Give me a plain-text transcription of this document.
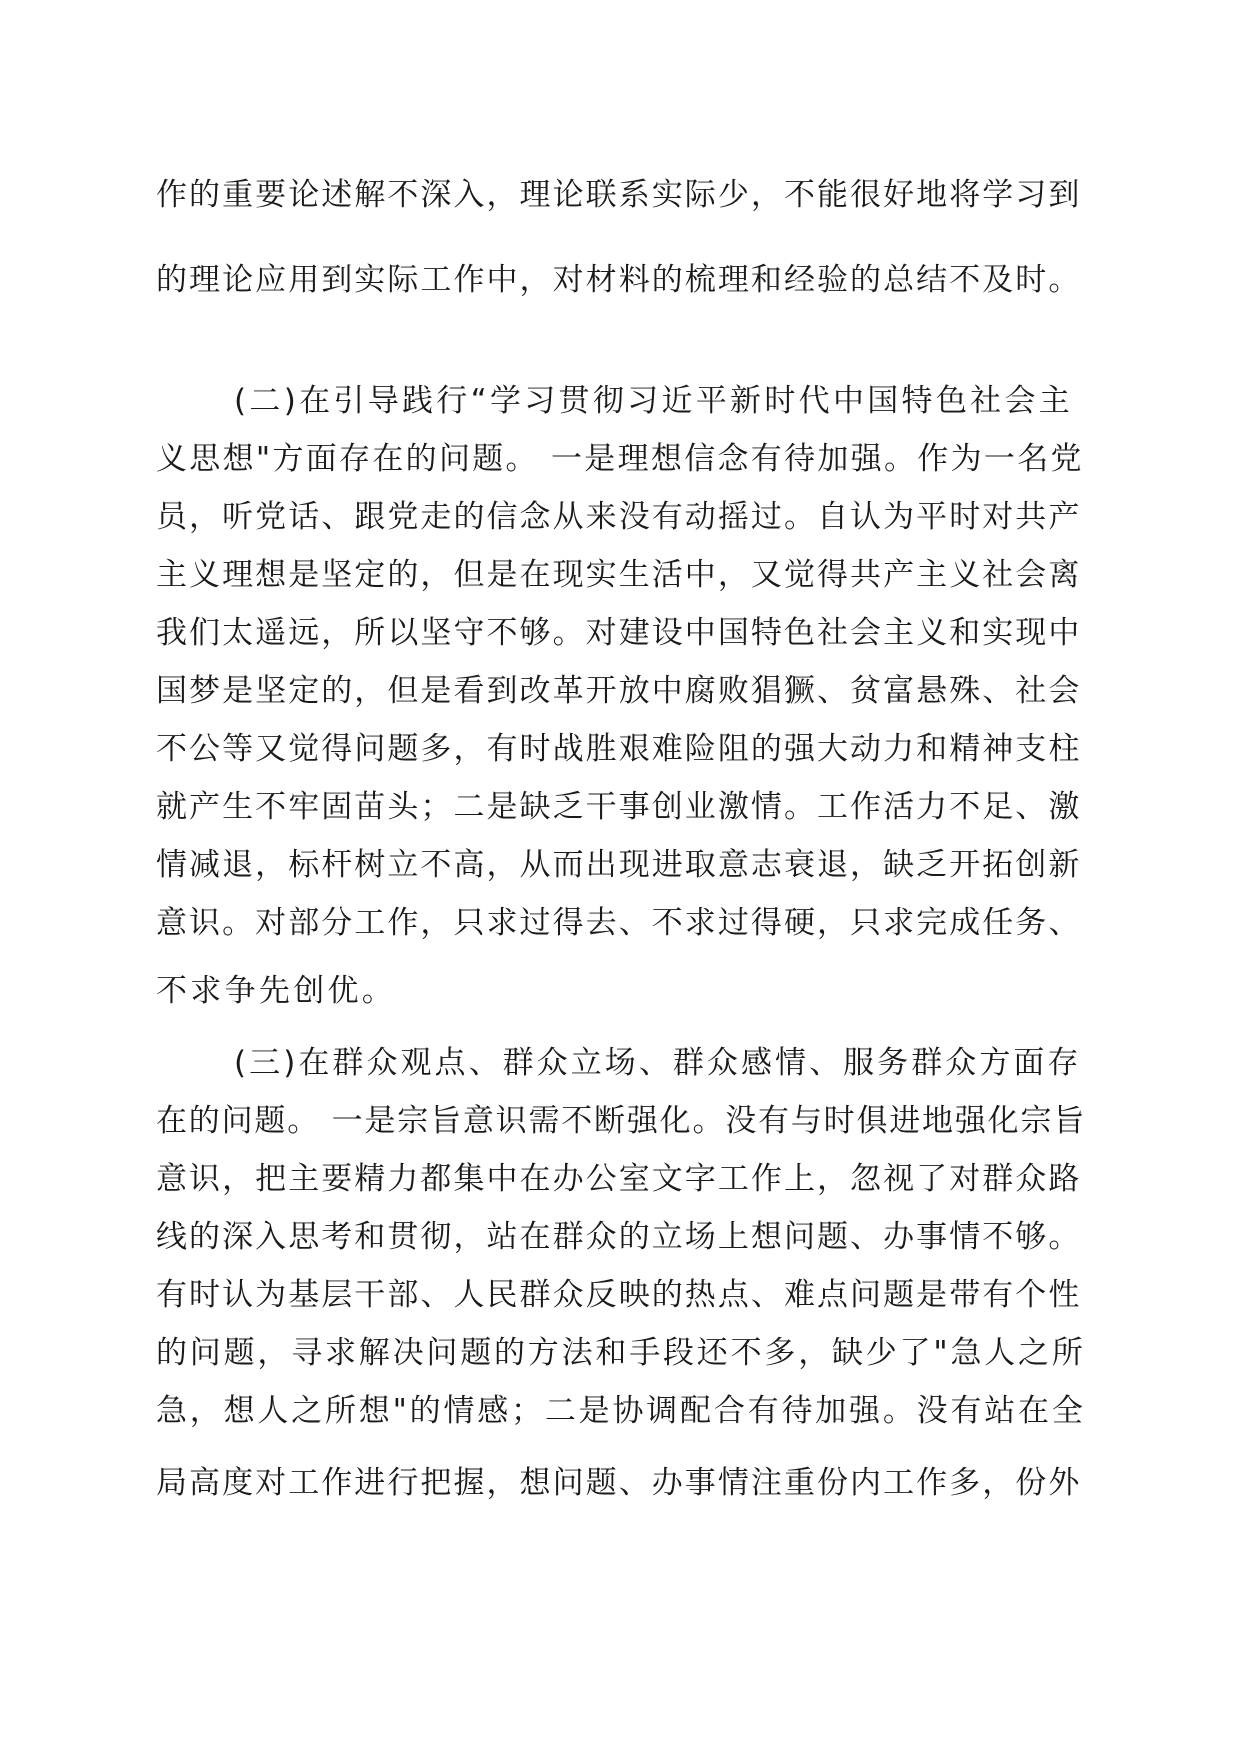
作的重要论述解不深入，理论联系实际少，不能很好地将学习到
的理论应用到实际工作中，对材料的梳理和经验的总结不及时。
(二)在引导践行“学习贯彻习近平新时代中国特色社会主
义思想"方面存在的问题。 一是理想信念有待加强。作为一名党
员，听党话、跟党走的信念从来没有动摇过。自认为平时对共产
主义理想是坚定的，但是在现实生活中，又觉得共产主义社会离
我们太遥远，所以坚守不够。对建设中国特色社会主义和实现中
国梦是坚定的，但是看到改革开放中腐败猖獗、贫富悬殊、社会
不公等又觉得问题多，有时战胜艰难险阻的强大动力和精神支柱
就产生不牢固苗头；二是缺乏干事创业激情。工作活力不足、激
情减退，标杆树立不高，从而出现进取意志衰退，缺乏开拓创新
意识。对部分工作，只求过得去、不求过得硬，只求完成任务、
不求争先创优。
(三)在群众观点、群众立场、群众感情、服务群众方面存
在的问题。 一是宗旨意识需不断强化。没有与时俱进地强化宗旨
意识，把主要精力都集中在办公室文字工作上，忽视了对群众路
线的深入思考和贯彻，站在群众的立场上想问题、办事情不够。
有时认为基层干部、人民群众反映的热点、难点问题是带有个性
的问题，寻求解决问题的方法和手段还不多，缺少了"急人之所
急，想人之所想"的情感；二是协调配合有待加强。没有站在全
局高度对工作进行把握，想问题、办事情注重份内工作多，份外
